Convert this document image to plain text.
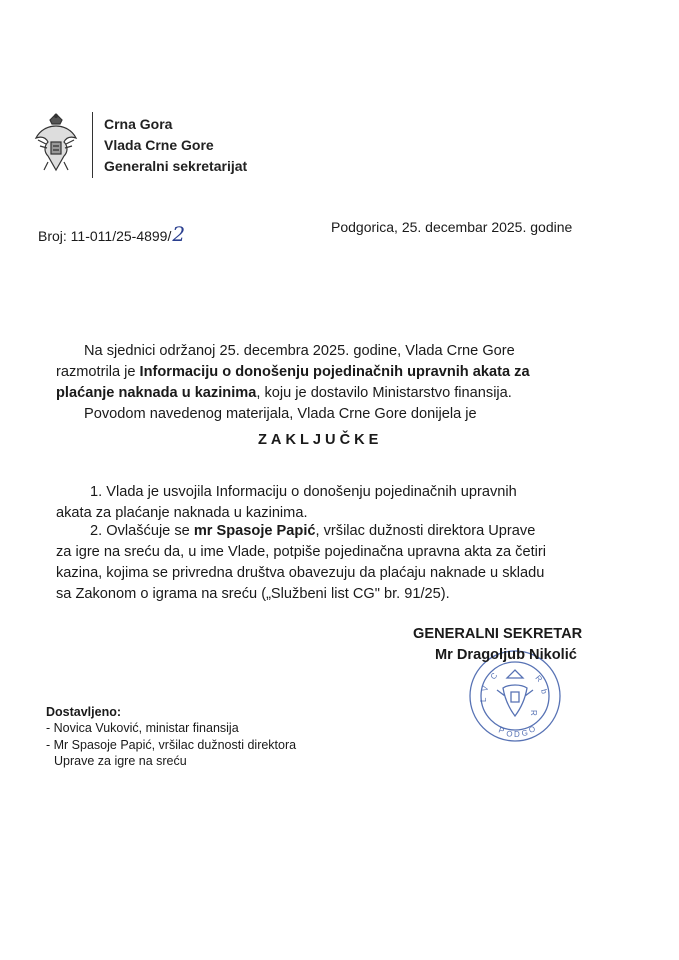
Crna Gora
Vlada Crne Gore
Generalni sekretarijat
Broj: 11-011/25-4899/2	Podgorica, 25. decembar 2025. godine
Na sjednici održanoj 25. decembra 2025. godine, Vlada Crne Gore
razmotrila je Informaciju o donošenju pojedinačnih upravnih akata za
plaćanje naknada u kazinima, koju je dostavilo Ministarstvo finansija.
Povodom navedenog materijala, Vlada Crne Gore donijela je
ZAKLJUČKE
1. Vlada je usvojila Informaciju o donošenju pojedinačnih upravnih
akata za plaćanje naknada u kazinima.
2. Ovlašćuje se mr Spasoje Papić, vršilac dužnosti direktora Uprave
za igre na sreću da, u ime Vlade, potpiše pojedinačna upravna akta za četiri
kazina, kojima se privredna društva obavezuju da plaćaju naknade u skladu
sa Zakonom o igrama na sreću („Službeni list CG" br. 91/25).
C
V
L
R
b
R
P O D G O
GENERALNI SEKRETAR
Mr Dragoljub Nikolić
Dostavljeno:
- Novica Vuković, ministar finansija
- Mr Spasoje Papić, vršilac dužnosti direktora
Uprave za igre na sreću
